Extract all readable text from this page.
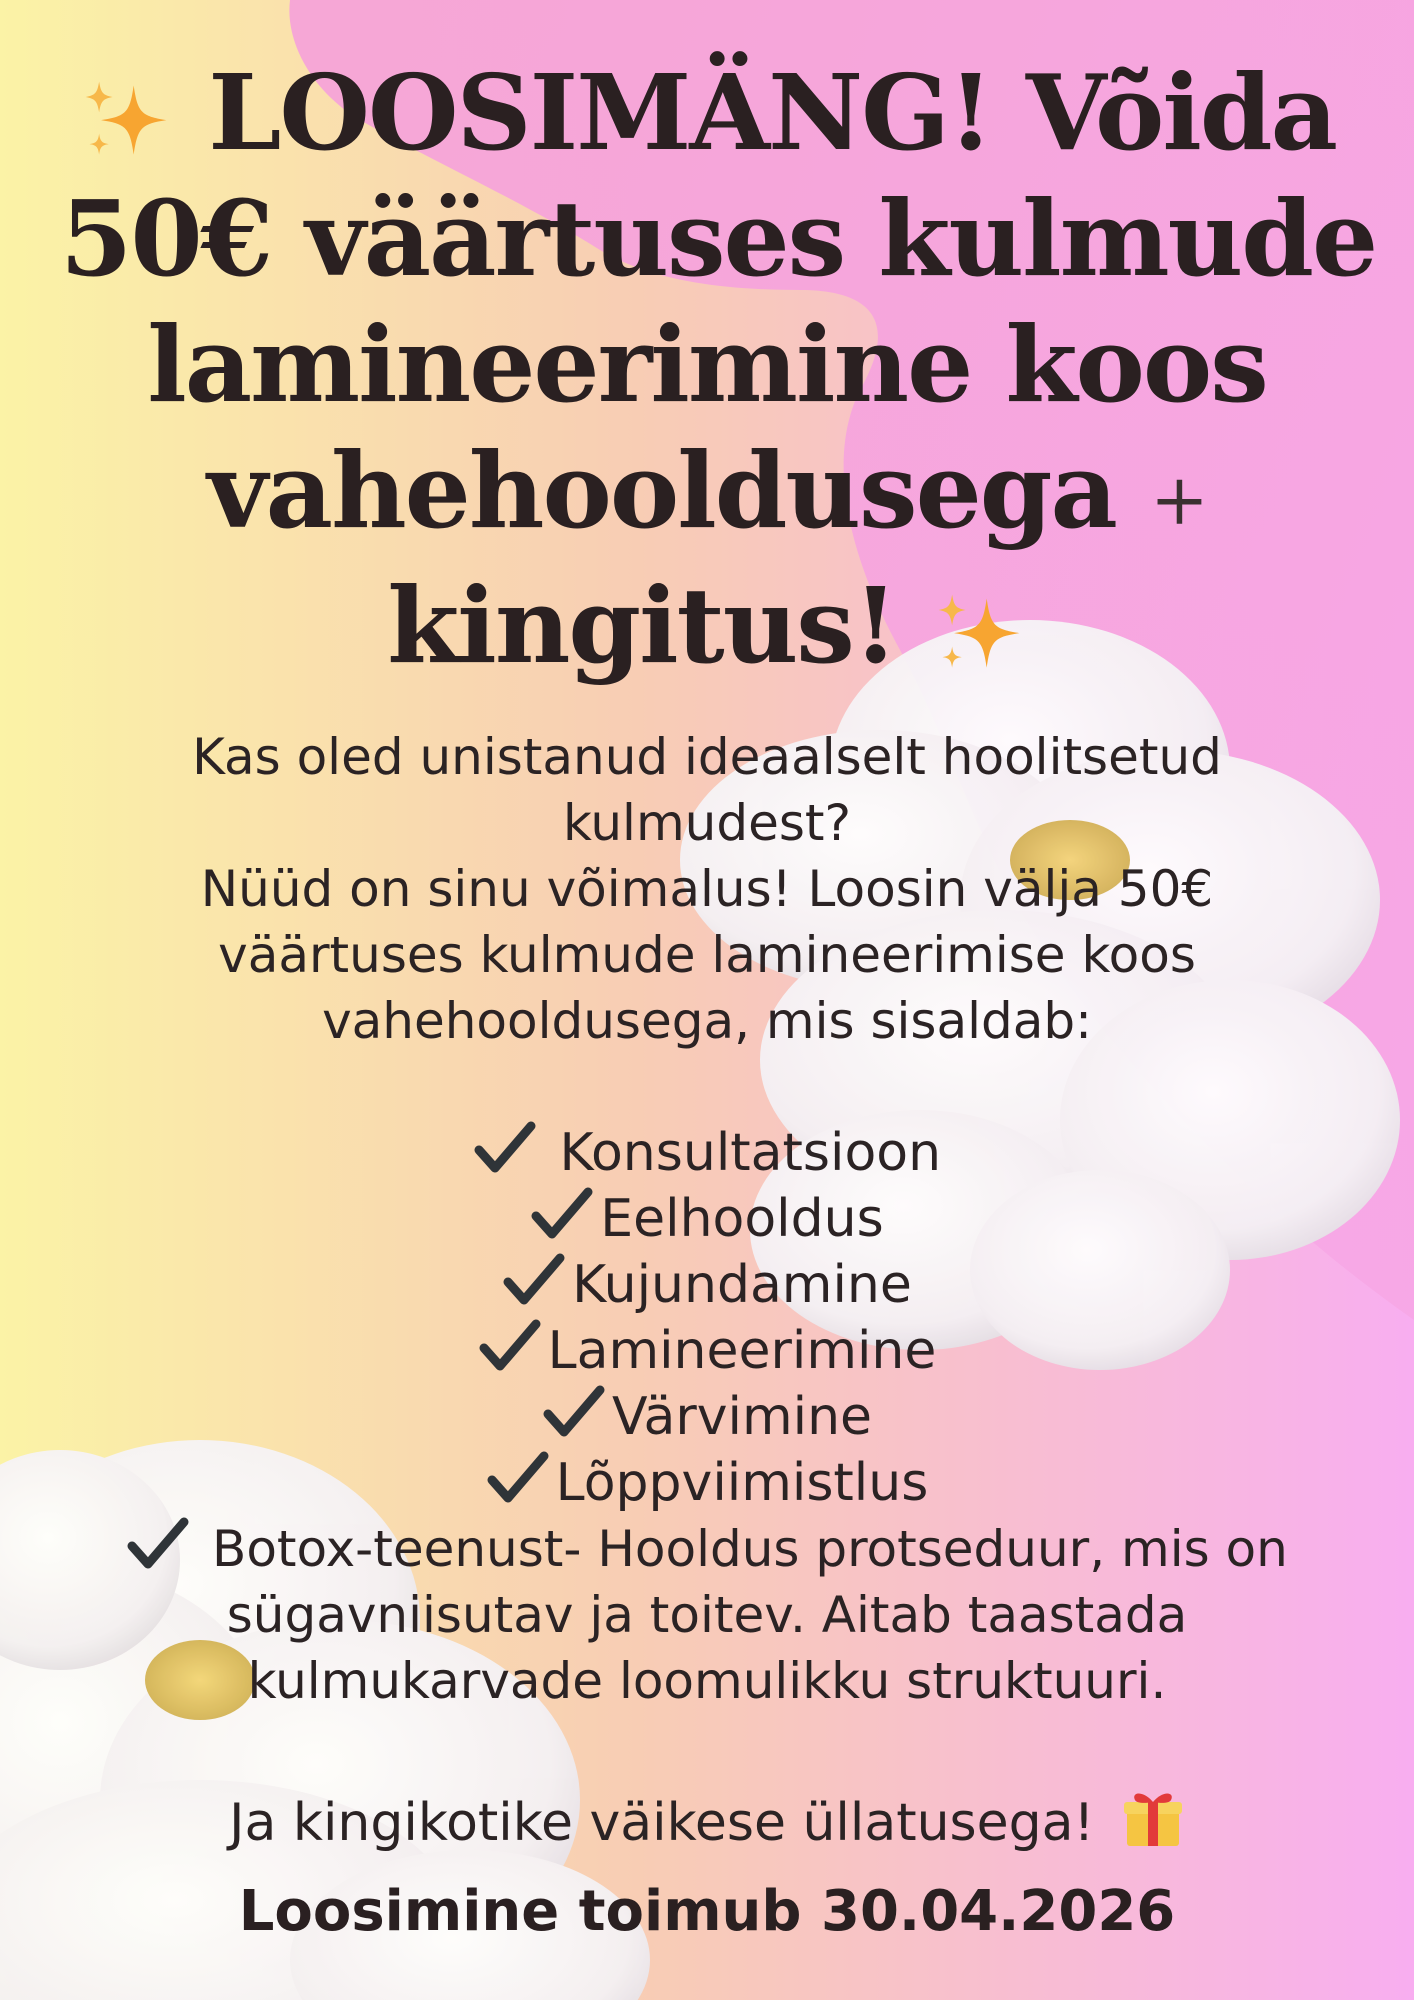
LOOSIMÄNG! Võida
50€ väärtuses kulmude
lamineerimine koos
vahehooldusega +
kingitus!
Kas oled unistanud ideaalselt hoolitsetud
kulmudest?
Nüüd on sinu võimalus! Loosin välja 50€
väärtuses kulmude lamineerimise koos
vahehooldusega, mis sisaldab:
Konsultatsioon
Eelhooldus
Kujundamine
Lamineerimine
Värvimine
Lõppviimistlus
Botox-teenust- Hooldus protseduur, mis on
sügavniisutav ja toitev. Aitab taastada
kulmukarvade loomulikku struktuuri.
Ja kingikotike väikese üllatusega!
Loosimine toimub 30.04.2026
